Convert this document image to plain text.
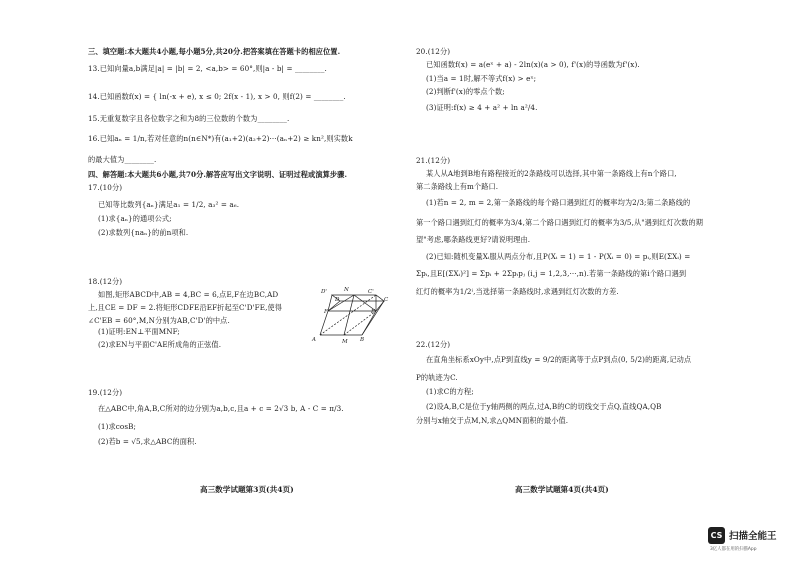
三、填空题:本大题共4小题,每小题5分,共20分.把答案填在答题卡的相应位置.
13.已知向量a,b满足|a| = |b| = 2, <a,b> = 60°,则|a - b| = ________.
14.已知函数f(x) = { ln(-x + e), x ≤ 0; 2f(x - 1), x > 0, 则f(2) = ________.
15.无重复数字且各位数字之和为8的三位数的个数为________.
16.已知aₙ = 1/n,若对任意的n(n∈N*)有(a₁+2)(a₂+2)···(aₙ+2) ≥ kn²,则实数k
的最大值为________.
四、解答题:本大题共6小题,共70分.解答应写出文字说明、证明过程或演算步骤.
17.(10分)
已知等比数列{aₙ}满足a₁ = 1/2, a₃² = a₆.
(1)求{aₙ}的通项公式;
(2)求数列{naₙ}的前n项和.
18.(12分)
如图,矩形ABCD中,AB = 4,BC = 6,点E,F在边BC,AD
上,且CE = DF = 2.将矩形CDFE沿EF折起至C'D'FE,使得
∠C'EB = 60°,M,N分别为AB,C'D'的中点.
(1)证明:EN⊥平面MNF;
(2)求EN与平面C'AE所成角的正弦值.
19.(12分)
在△ABC中,角A,B,C所对的边分别为a,b,c,且a + c = 2√3 b, A - C = π/3.
(1)求cosB;
(2)若b = √5,求△ABC的面积.
20.(12分)
已知函数f(x) = a(eˣ + a) - 2ln(x)(a > 0), f'(x)的导函数为f'(x).
(1)当a = 1时,解不等式f(x) > eˣ;
(2)判断f'(x)的零点个数;
(3)证明:f(x) ≥ 4 + a² + ln a²/4.
21.(12分)
某人从A地到B地有路程接近的2条路线可以选择,其中第一条路线上有n个路口,
第二条路线上有m个路口.
(1)若n = 2, m = 2,第一条路线的每个路口遇到红灯的概率均为2/3;第二条路线的
第一个路口遇到红灯的概率为3/4,第二个路口遇到红灯的概率为3/5,从"遇到红灯次数的期
望"考虑,哪条路线更好?请说明理由.
(2)已知:随机变量Xᵢ服从两点分布,且P(Xᵢ = 1) = 1 - P(Xᵢ = 0) = pᵢ,则E(ΣXᵢ) =
Σpᵢ,且E[(ΣXᵢ)²] = Σpᵢ + 2Σpᵢpⱼ (i,j = 1,2,3,···,n).若第一条路线的第i个路口遇到
红灯的概率为1/2ⁱ,当选择第一条路线时,求遇到红灯次数的方差.
22.(12分)
在直角坐标系xOy中,点P到直线y = 9/2的距离等于点P到点(0, 5/2)的距离,记动点
P的轨迹为C.
(1)求C的方程;
(2)设A,B,C是位于y轴两侧的两点,过A,B的C的切线交于点Q,直线QA,QB
分别与x轴交于点M,N,求△QMN面积的最小值.
高三数学试题第3页(共4页)	高三数学试题第4页(共4页)
D'	N	C'
D	C
F	E
A	M B
CS 扫描全能王
3亿人都在用的扫描App
